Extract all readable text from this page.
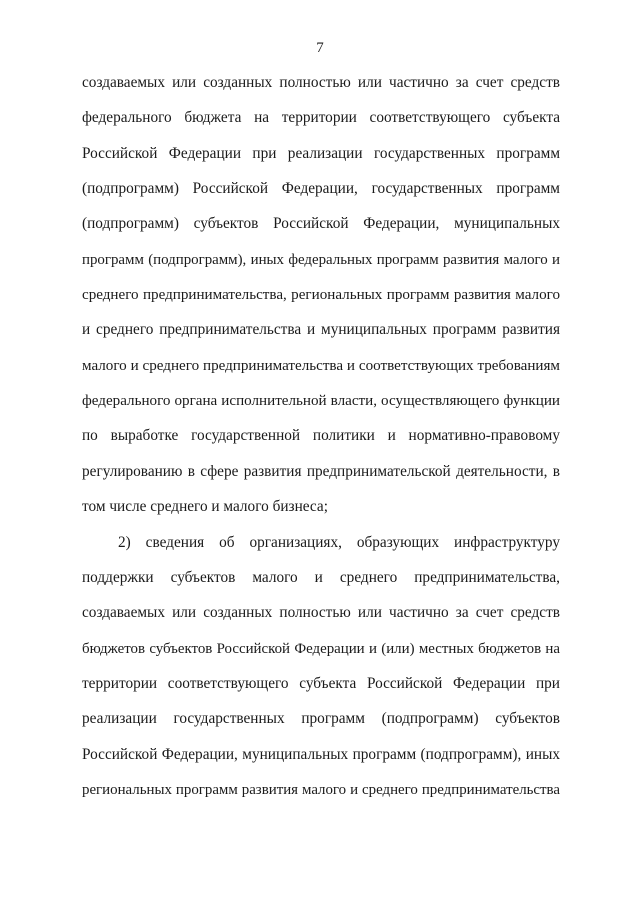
7
создаваемых или созданных полностью или частично за счет средств
федерального бюджета на территории соответствующего субъекта
Российской Федерации при реализации государственных программ
(подпрограмм) Российской Федерации, государственных программ
(подпрограмм) субъектов Российской Федерации, муниципальных
программ (подпрограмм), иных федеральных программ развития малого и
среднего предпринимательства, региональных программ развития малого
и среднего предпринимательства и муниципальных программ развития
малого и среднего предпринимательства и соответствующих требованиям
федерального органа исполнительной власти, осуществляющего функции
по выработке государственной политики и нормативно-правовому
регулированию в сфере развития предпринимательской деятельности, в
том числе среднего и малого бизнеса;
2) сведения об организациях, образующих инфраструктуру
поддержки субъектов малого и среднего предпринимательства,
создаваемых или созданных полностью или частично за счет средств
бюджетов субъектов Российской Федерации и (или) местных бюджетов на
территории соответствующего субъекта Российской Федерации при
реализации государственных программ (подпрограмм) субъектов
Российской Федерации, муниципальных программ (подпрограмм), иных
региональных программ развития малого и среднего предпринимательства
